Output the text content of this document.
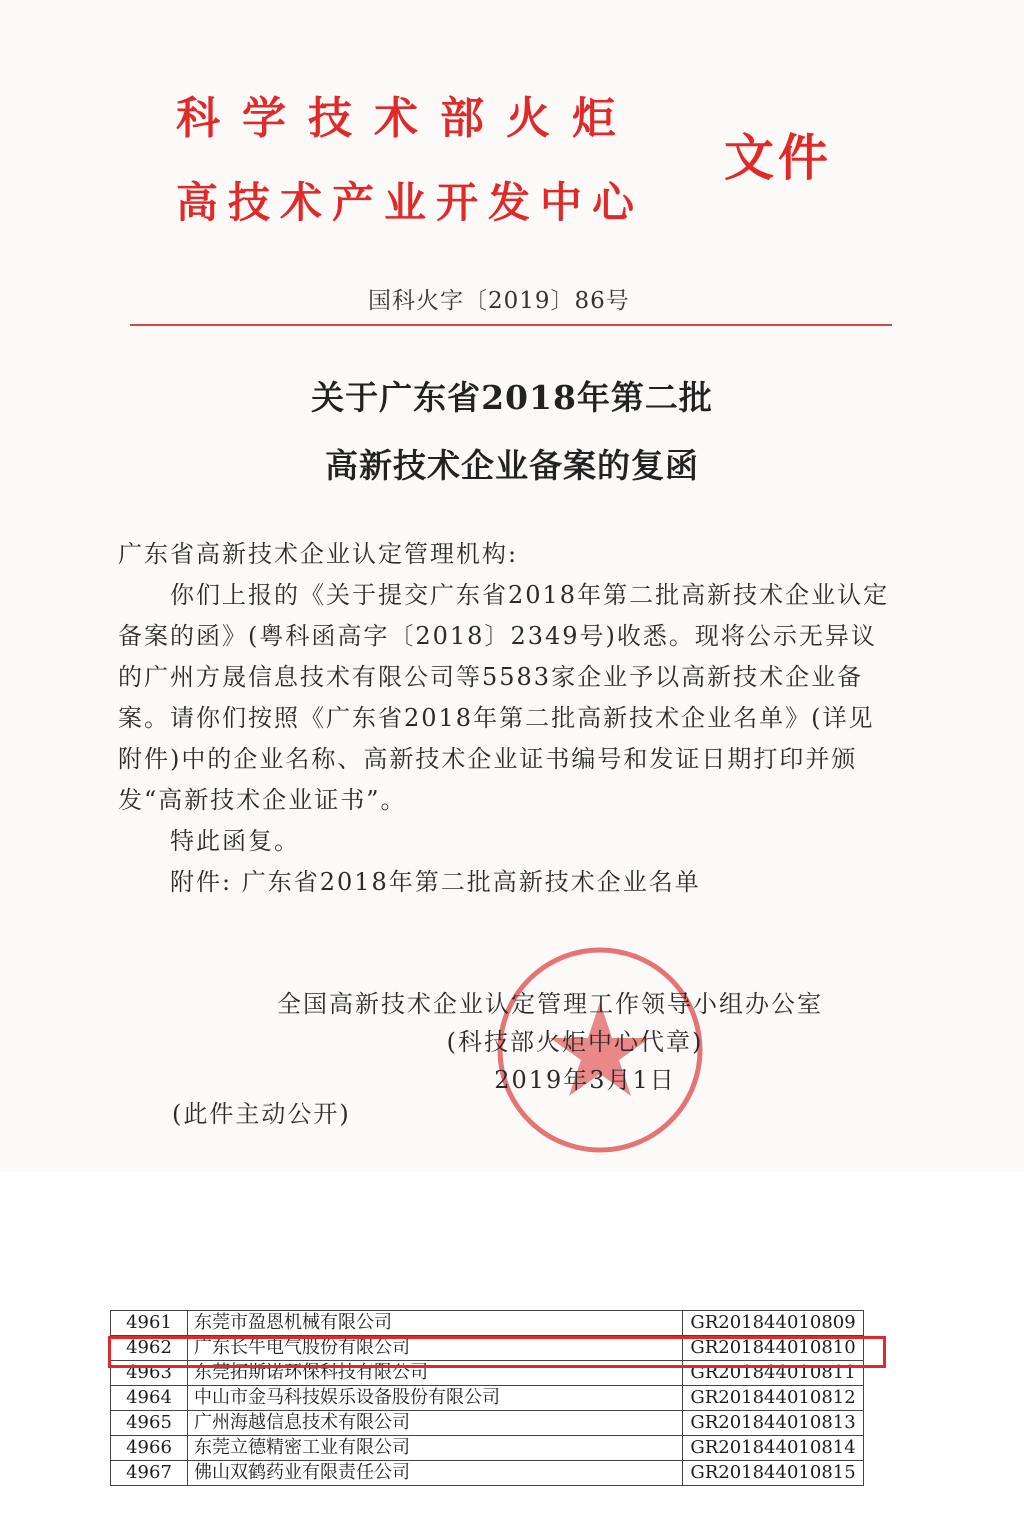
科学技术部火炬
高技术产业开发中心
文件
国科火字〔2019〕86号
关于广东省2018年第二批
高新技术企业备案的复函

广东省高新技术企业认定管理机构:

你们上报的《关于提交广东省2018年第二批高新技术企业认定备案的函》(粤科函高字〔2018〕2349号)收悉。现将公示无异议的广州方晟信息技术有限公司等5583家企业予以高新技术企业备案。请你们按照《广东省2018年第二批高新技术企业名单》(详见附件)中的企业名称、高新技术企业证书编号和发证日期打印并颁发“高新技术企业证书”。

特此函复。

附件: 广东省2018年第二批高新技术企业名单

全国高新技术企业认定管理工作领导小组办公室
(科技部火炬中心代章)
2019年3月1日
(此件主动公开)
4961	东莞市盈恩机械有限公司	GR201844010809
4962	广东长牛电气股份有限公司	GR201844010810
4963	东莞拓斯诺环保科技有限公司	GR201844010811
4964	中山市金马科技娱乐设备股份有限公司	GR201844010812
4965	广州海越信息技术有限公司	GR201844010813
4966	东莞立德精密工业有限公司	GR201844010814
4967	佛山双鹤药业有限责任公司	GR201844010815
